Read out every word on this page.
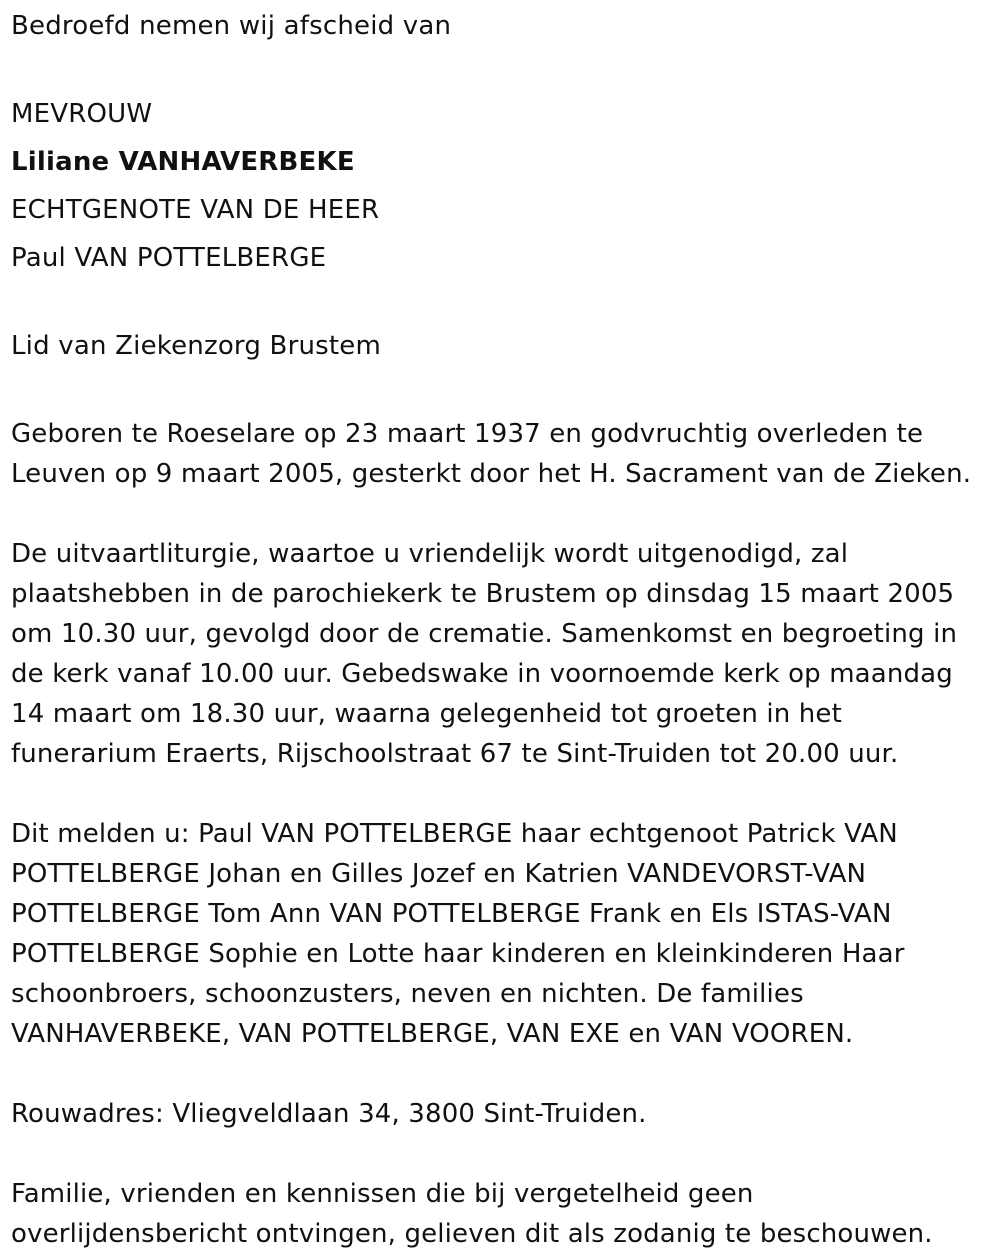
Bedroefd nemen wij afscheid van
MEVROUW
Liliane VANHAVERBEKE
ECHTGENOTE VAN DE HEER
Paul VAN POTTELBERGE
Lid van Ziekenzorg Brustem
Geboren te Roeselare op 23 maart 1937 en godvruchtig overleden te
Leuven op 9 maart 2005, gesterkt door het H. Sacrament van de Zieken.
De uitvaartliturgie, waartoe u vriendelijk wordt uitgenodigd, zal
plaatshebben in de parochiekerk te Brustem op dinsdag 15 maart 2005
om 10.30 uur, gevolgd door de crematie. Samenkomst en begroeting in
de kerk vanaf 10.00 uur. Gebedswake in voornoemde kerk op maandag
14 maart om 18.30 uur, waarna gelegenheid tot groeten in het
funerarium Eraerts, Rijschoolstraat 67 te Sint-Truiden tot 20.00 uur.
Dit melden u: Paul VAN POTTELBERGE haar echtgenoot Patrick VAN
POTTELBERGE Johan en Gilles Jozef en Katrien VANDEVORST-VAN
POTTELBERGE Tom Ann VAN POTTELBERGE Frank en Els ISTAS-VAN
POTTELBERGE Sophie en Lotte haar kinderen en kleinkinderen Haar
schoonbroers, schoonzusters, neven en nichten. De families
VANHAVERBEKE, VAN POTTELBERGE, VAN EXE en VAN VOOREN.
Rouwadres: Vliegveldlaan 34, 3800 Sint-Truiden.
Familie, vrienden en kennissen die bij vergetelheid geen
overlijdensbericht ontvingen, gelieven dit als zodanig te beschouwen.
